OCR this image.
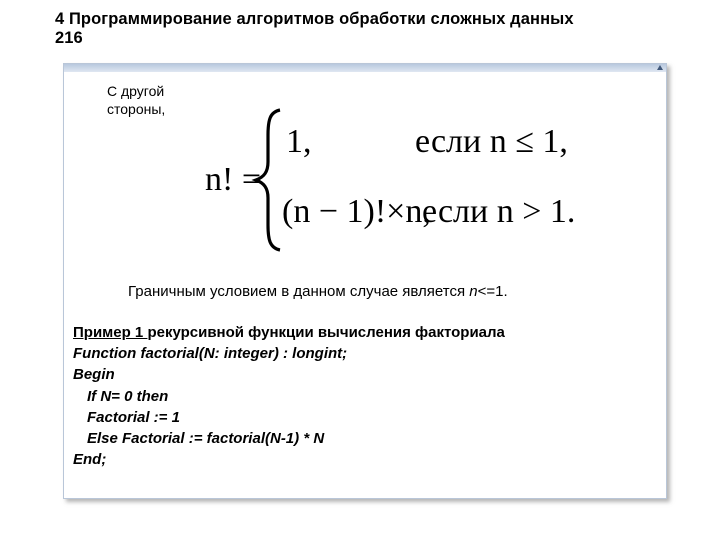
4 Программирование алгоритмов обработки сложных данных
216
С другой
стороны,
n! =
1,	если n ≤ 1,
(n − 1)!×n,
если n > 1.
Граничным условием в данном случае является n<=1.
Пример 1 рекурсивной функции вычисления факториала
Function factorial(N: integer) : longint;
Begin
If N= 0 then
Factorial := 1
Else Factorial := factorial(N-1) * N
End;
